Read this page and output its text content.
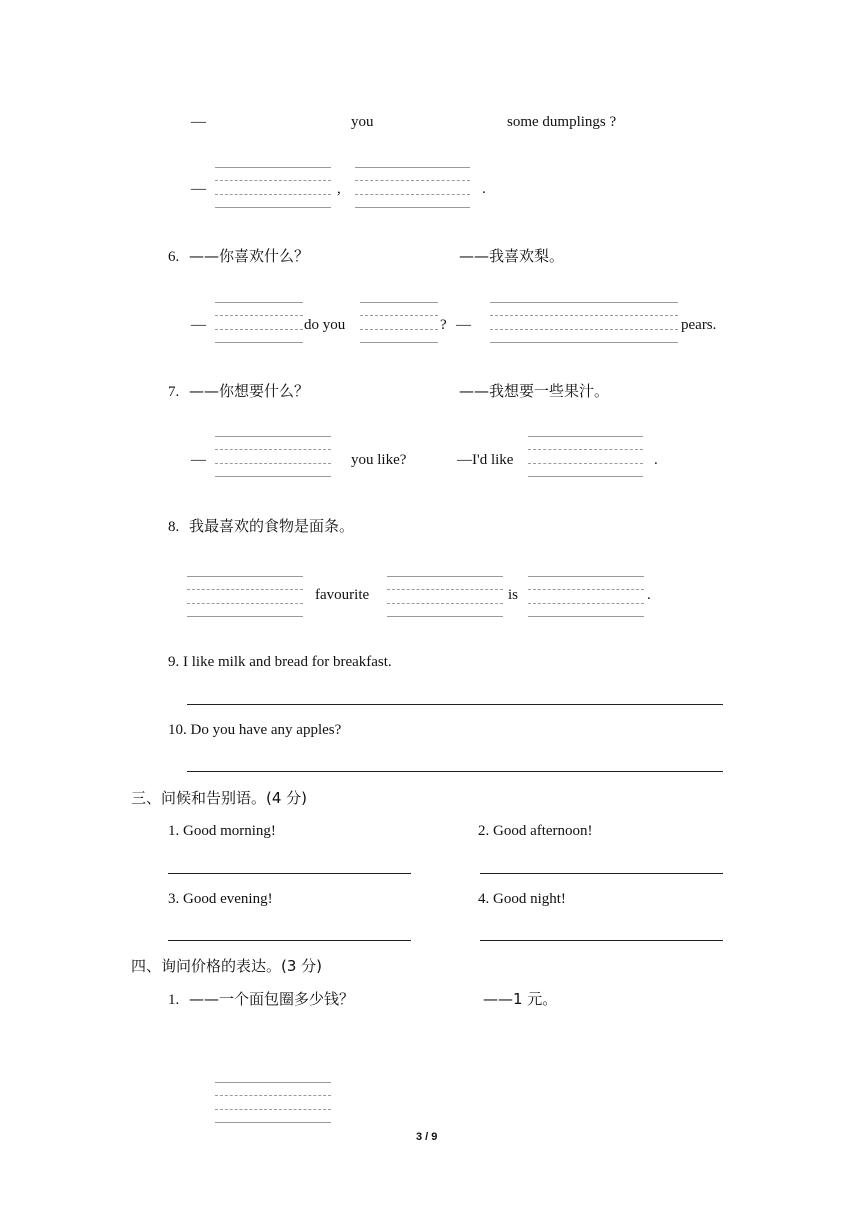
—	you	some dumplings ?
—	,	.
6. ——你喜欢什么？	——我喜欢梨。
—	do you	? —	pears.
7. ——你想要什么？	——我想要一些果汁。
—	you like?	—I'd like	.
8. 我最喜欢的食物是面条。
favourite	is	.
9. I like milk and bread for breakfast.
10. Do you have any apples?
三、问候和告别语。(4 分)
1. Good morning!	2. Good afternoon!
3. Good evening!	4. Good night!
四、询问价格的表达。(3 分)
1. ——一个面包圈多少钱？	——1 元。
3 / 9
